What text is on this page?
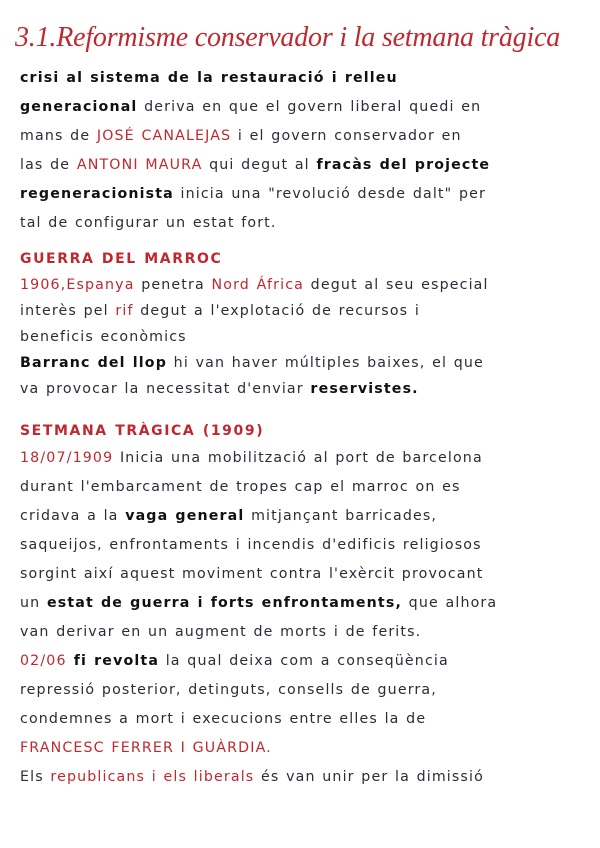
3.1.Reformisme conservador i la setmana tràgica
crisi al sistema de la restauració i relleu
generacional deriva en que el govern liberal quedi en
mans de JOSÉ CANALEJAS i el govern conservador en
las de ANTONI MAURA qui degut al fracàs del projecte
regeneracionista inicia una "revolució desde dalt" per
tal de configurar un estat fort.
GUERRA DEL MARROC
1906,Espanya penetra Nord África degut al seu especial
interès pel rif degut a l'explotació de recursos i
beneficis econòmics
Barranc del llop hi van haver múltiples baixes, el que
va provocar la necessitat d'enviar reservistes.
SETMANA TRÀGICA (1909)
18/07/1909 Inicia una mobilització al port de barcelona
durant l'embarcament de tropes cap el marroc on es
cridava a la vaga general mitjançant barricades,
saqueijos, enfrontaments i incendis d'edificis religiosos
sorgint així aquest moviment contra l'exèrcit provocant
un estat de guerra i forts enfrontaments, que alhora
van derivar en un augment de morts i de ferits.
02/06 fi revolta la qual deixa com a conseqüència
repressió posterior, detinguts, consells de guerra,
condemnes a mort i execucions entre elles la de
FRANCESC FERRER I GUÀRDIA.
Els republicans i els liberals és van unir per la dimissió
